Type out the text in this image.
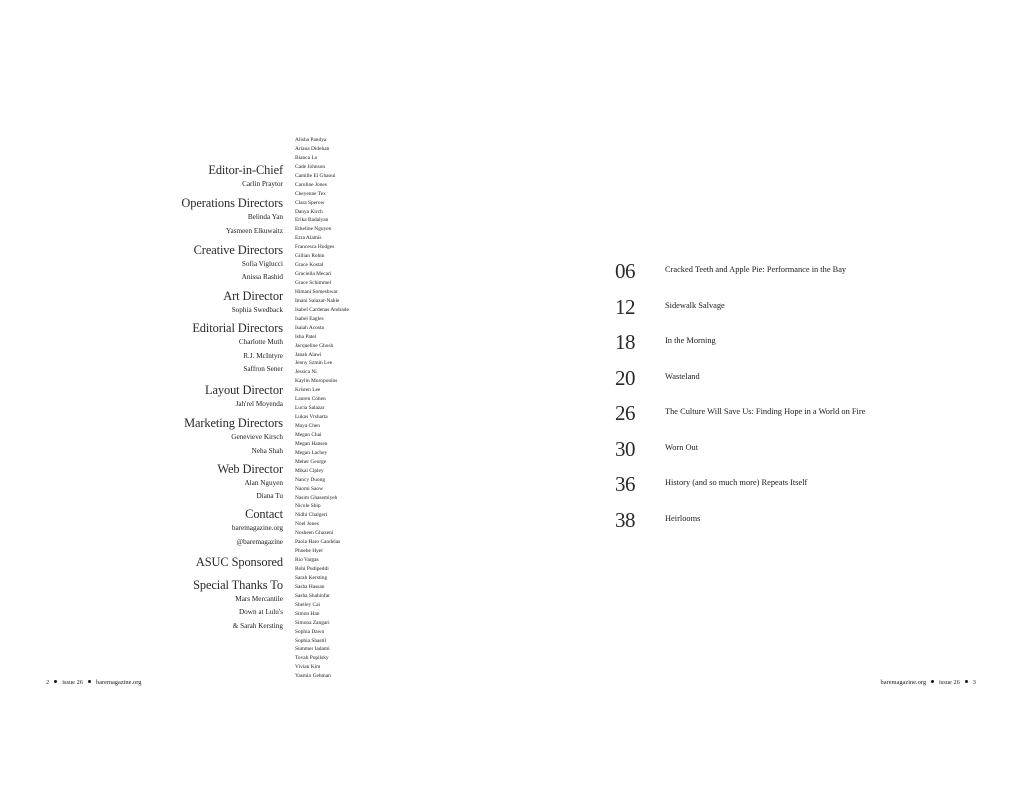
Editor-in-Chief
Carlin Praytor
Operations Directors
Belinda Yan
Yasmeen Elkuwaitz
Creative Directors
Sofia Viglucci
Anissa Rashid
Art Director
Sophia Swedback
Editorial Directors
Charlotte Muth
R.J. McIntyre
Saffron Sener
Layout Director
Jah'rel Moyenda
Marketing Directors
Genevieve Kirsch
Neha Shah
Web Director
Alan Nguyen
Diana Tu
Contact
baremagazine.org
@baremagazine
ASUC Sponsored
Special Thanks To
Mars Mercantile
Down at Lulu's
& Sarah Kersting
Alisha Pandya
Ariana Didehan
Bianca Lo
Cade Johnson
Camille El Ghaoui
Caroline Jones
Cheyenne Tex
Clara Sperow
Danya Kirch
Erika Badalyan
Etheline Nguyen
Ezra Alamis
Francesca Hodges
Gillian Robin
Grace Kostal
Graciella Mecari
Grace Schimmel
Himani Someshwar
Imani Salazar-Nahle
Isabel Cardenas Andrade
Isabel Eagles
Isaiah Acosta
Isha Patel
Jacqueline Ghosh
Janah Alawi
Jenny Szmin Lee
Jessica Ni
Kaylin Moropoulos
Kristen Lee
Lauren Cohen
Lucia Salazar
Lukas Vrsharta
Maya Chen
Megan Chai
Megan Hansen
Megan Lachey
Meher George
Mikai Cipley
Nancy Duong
Naomi Saow
Nasim Ghasemiyeh
Nicole Ship
Nidhi Chalgeri
Noel Jones
Nosheen Ghazeni
Paola Haro Candelas
Phoebe Hyer
Rio Vargas
Rohi Pudipeddi
Sarah Kersting
Sasha Hassan
Sasha Shahinfar
Shelley Cai
Simon Han
Simona Zangari
Sophia Dawn
Sophia Shastil
Summer Iadami
Tovah Popilsky
Vivian Kim
Yasmin Gehman
2 issue 26 baremagazine.org	baremagazine.org issue 26 3
06	Cracked Teeth and Apple Pie: Performance in the Bay
12	Sidewalk Salvage
18	In the Morning
20	Wasteland
26	The Culture Will Save Us: Finding Hope in a World on Fire
30	Worn Out
36	History (and so much more) Repeats Itself
38	Heirlooms
